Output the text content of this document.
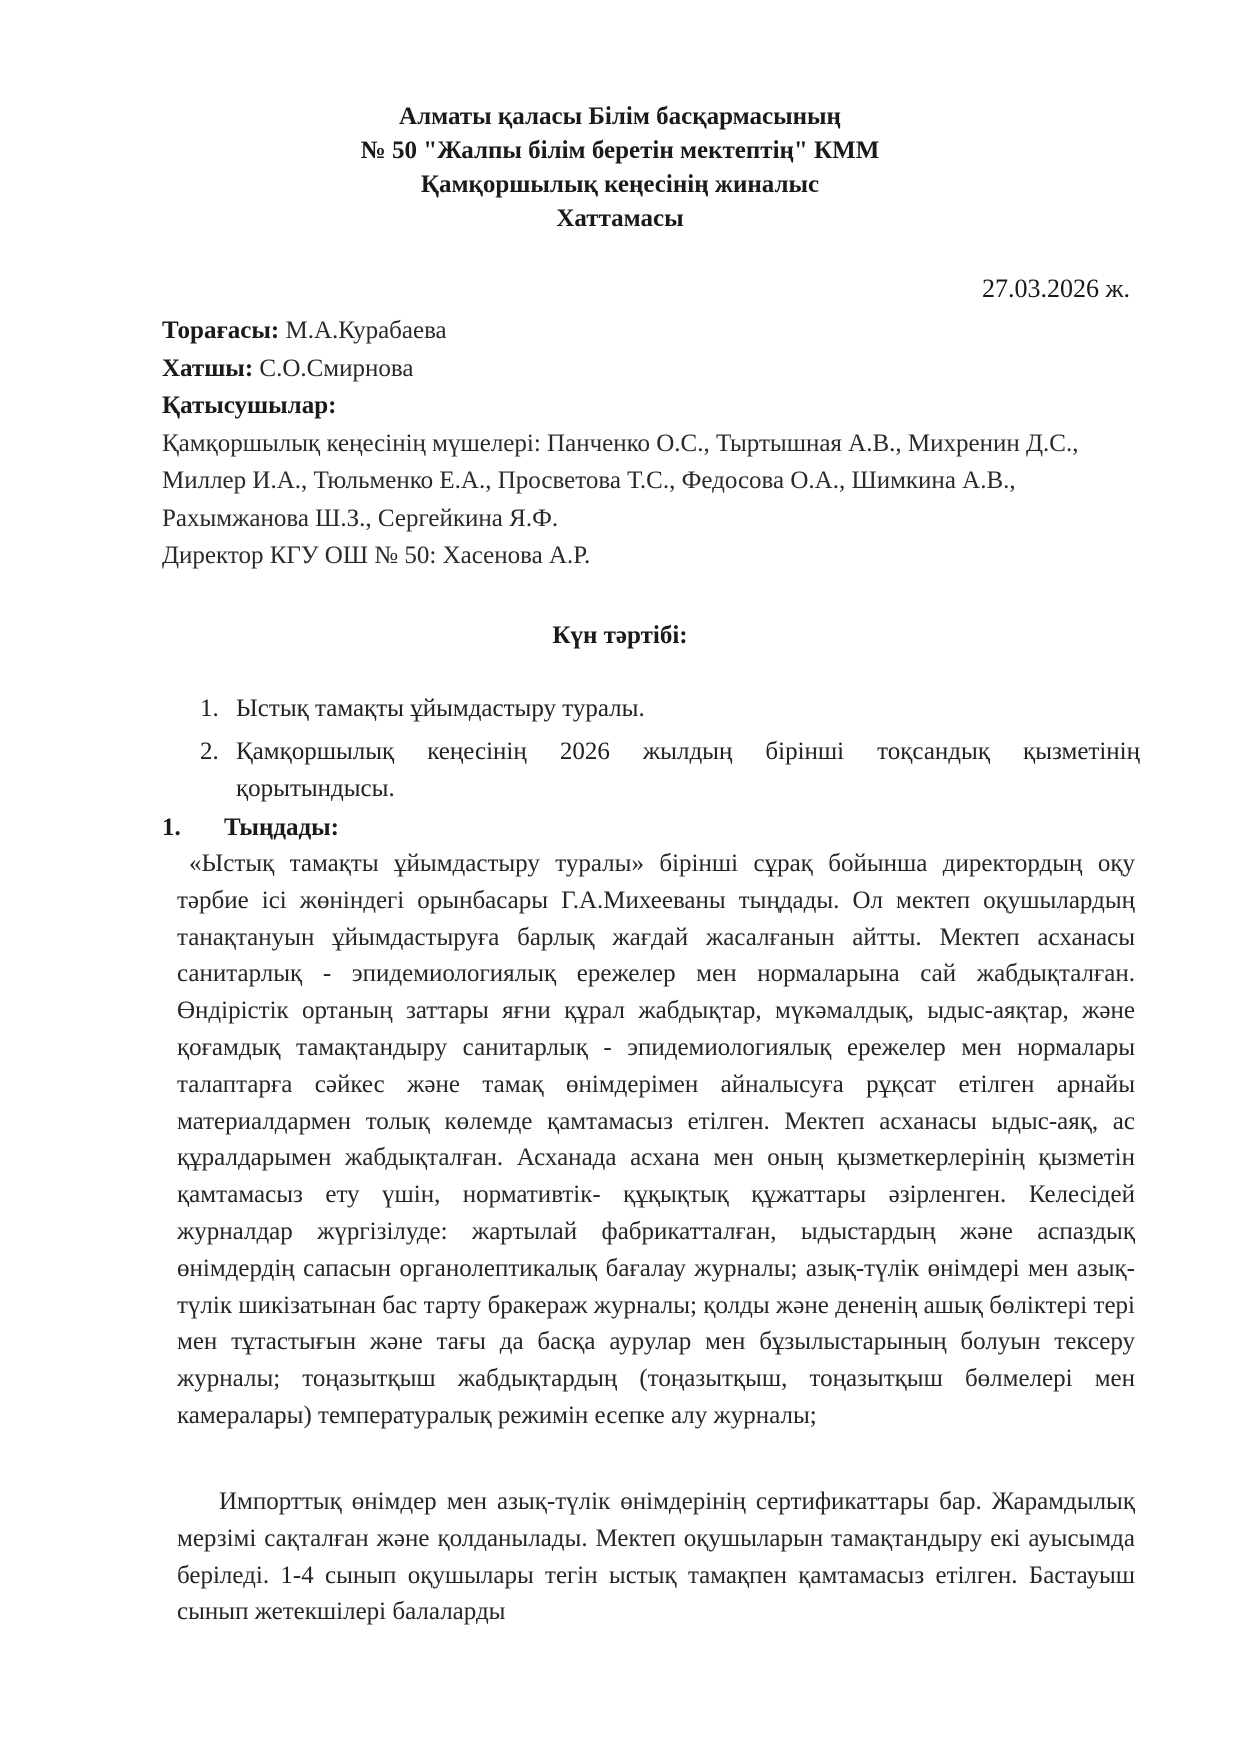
Алматы қаласы Білім басқармасының
№ 50 "Жалпы білім беретін мектептің" КММ
Қамқоршылық кеңесінің жиналыс
Хаттамасы
27.03.2026 ж.
Торағасы: М.А.Курабаева
Хатшы: С.О.Смирнова
Қатысушылар:
Қамқоршылық кеңесінің мүшелері: Панченко О.С., Тыртышная А.В., Михренин Д.С., Миллер И.А., Тюльменко Е.А., Просветова Т.С., Федосова О.А., Шимкина А.В., Рахымжанова Ш.З., Сергейкина Я.Ф.
Директор КГУ ОШ № 50: Хасенова А.Р.
Күн тәртібі:
1. Ыстық тамақты ұйымдастыру туралы.
2. Қамқоршылық кеңесінің 2026 жылдың бірінші тоқсандық қызметінің қорытындысы.
1. Тыңдады:
«Ыстық тамақты ұйымдастыру туралы» бірінші сұрақ бойынша директордың оқу тәрбие ісі жөніндегі орынбасары Г.А.Михееваны тыңдады. Ол мектеп оқушылардың танақтануын ұйымдастыруға барлық жағдай жасалғанын айтты. Мектеп асханасы санитарлық - эпидемиологиялық ережелер мен нормаларына сай жабдықталған. Өндірістік ортаның заттары яғни құрал жабдықтар, мүкәмалдық, ыдыс-аяқтар, және қоғамдық тамақтандыру санитарлық - эпидемиологиялық ережелер мен нормалары талаптарға сәйкес және тамақ өнімдерімен айналысуға рұқсат етілген арнайы материалдармен толық көлемде қамтамасыз етілген. Мектеп асханасы ыдыс-аяқ, ас құралдарымен жабдықталған. Асханада асхана мен оның қызметкерлерінің қызметін қамтамасыз ету үшін, нормативтік- құқықтық құжаттары әзірленген. Келесідей журналдар жүргізілуде: жартылай фабрикатталған, ыдыстардың және аспаздық өнімдердің сапасын органолептикалық бағалау журналы; азық-түлік өнімдері мен азық-түлік шикізатынан бас тарту бракераж журналы; қолды және дененің ашық бөліктері тері мен тұтастығын және тағы да басқа аурулар мен бұзылыстарының болуын тексеру журналы; тоңазытқыш жабдықтардың (тоңазытқыш, тоңазытқыш бөлмелері мен камералары) температуралық режимін есепке алу журналы;
Импорттық өнімдер мен азық-түлік өнімдерінің сертификаттары бар. Жарамдылық мерзімі сақталған және қолданылады. Мектеп оқушыларын тамақтандыру екі ауысымда беріледі. 1-4 сынып оқушылары тегін ыстық тамақпен қамтамасыз етілген. Бастауыш сынып жетекшілері балаларды
